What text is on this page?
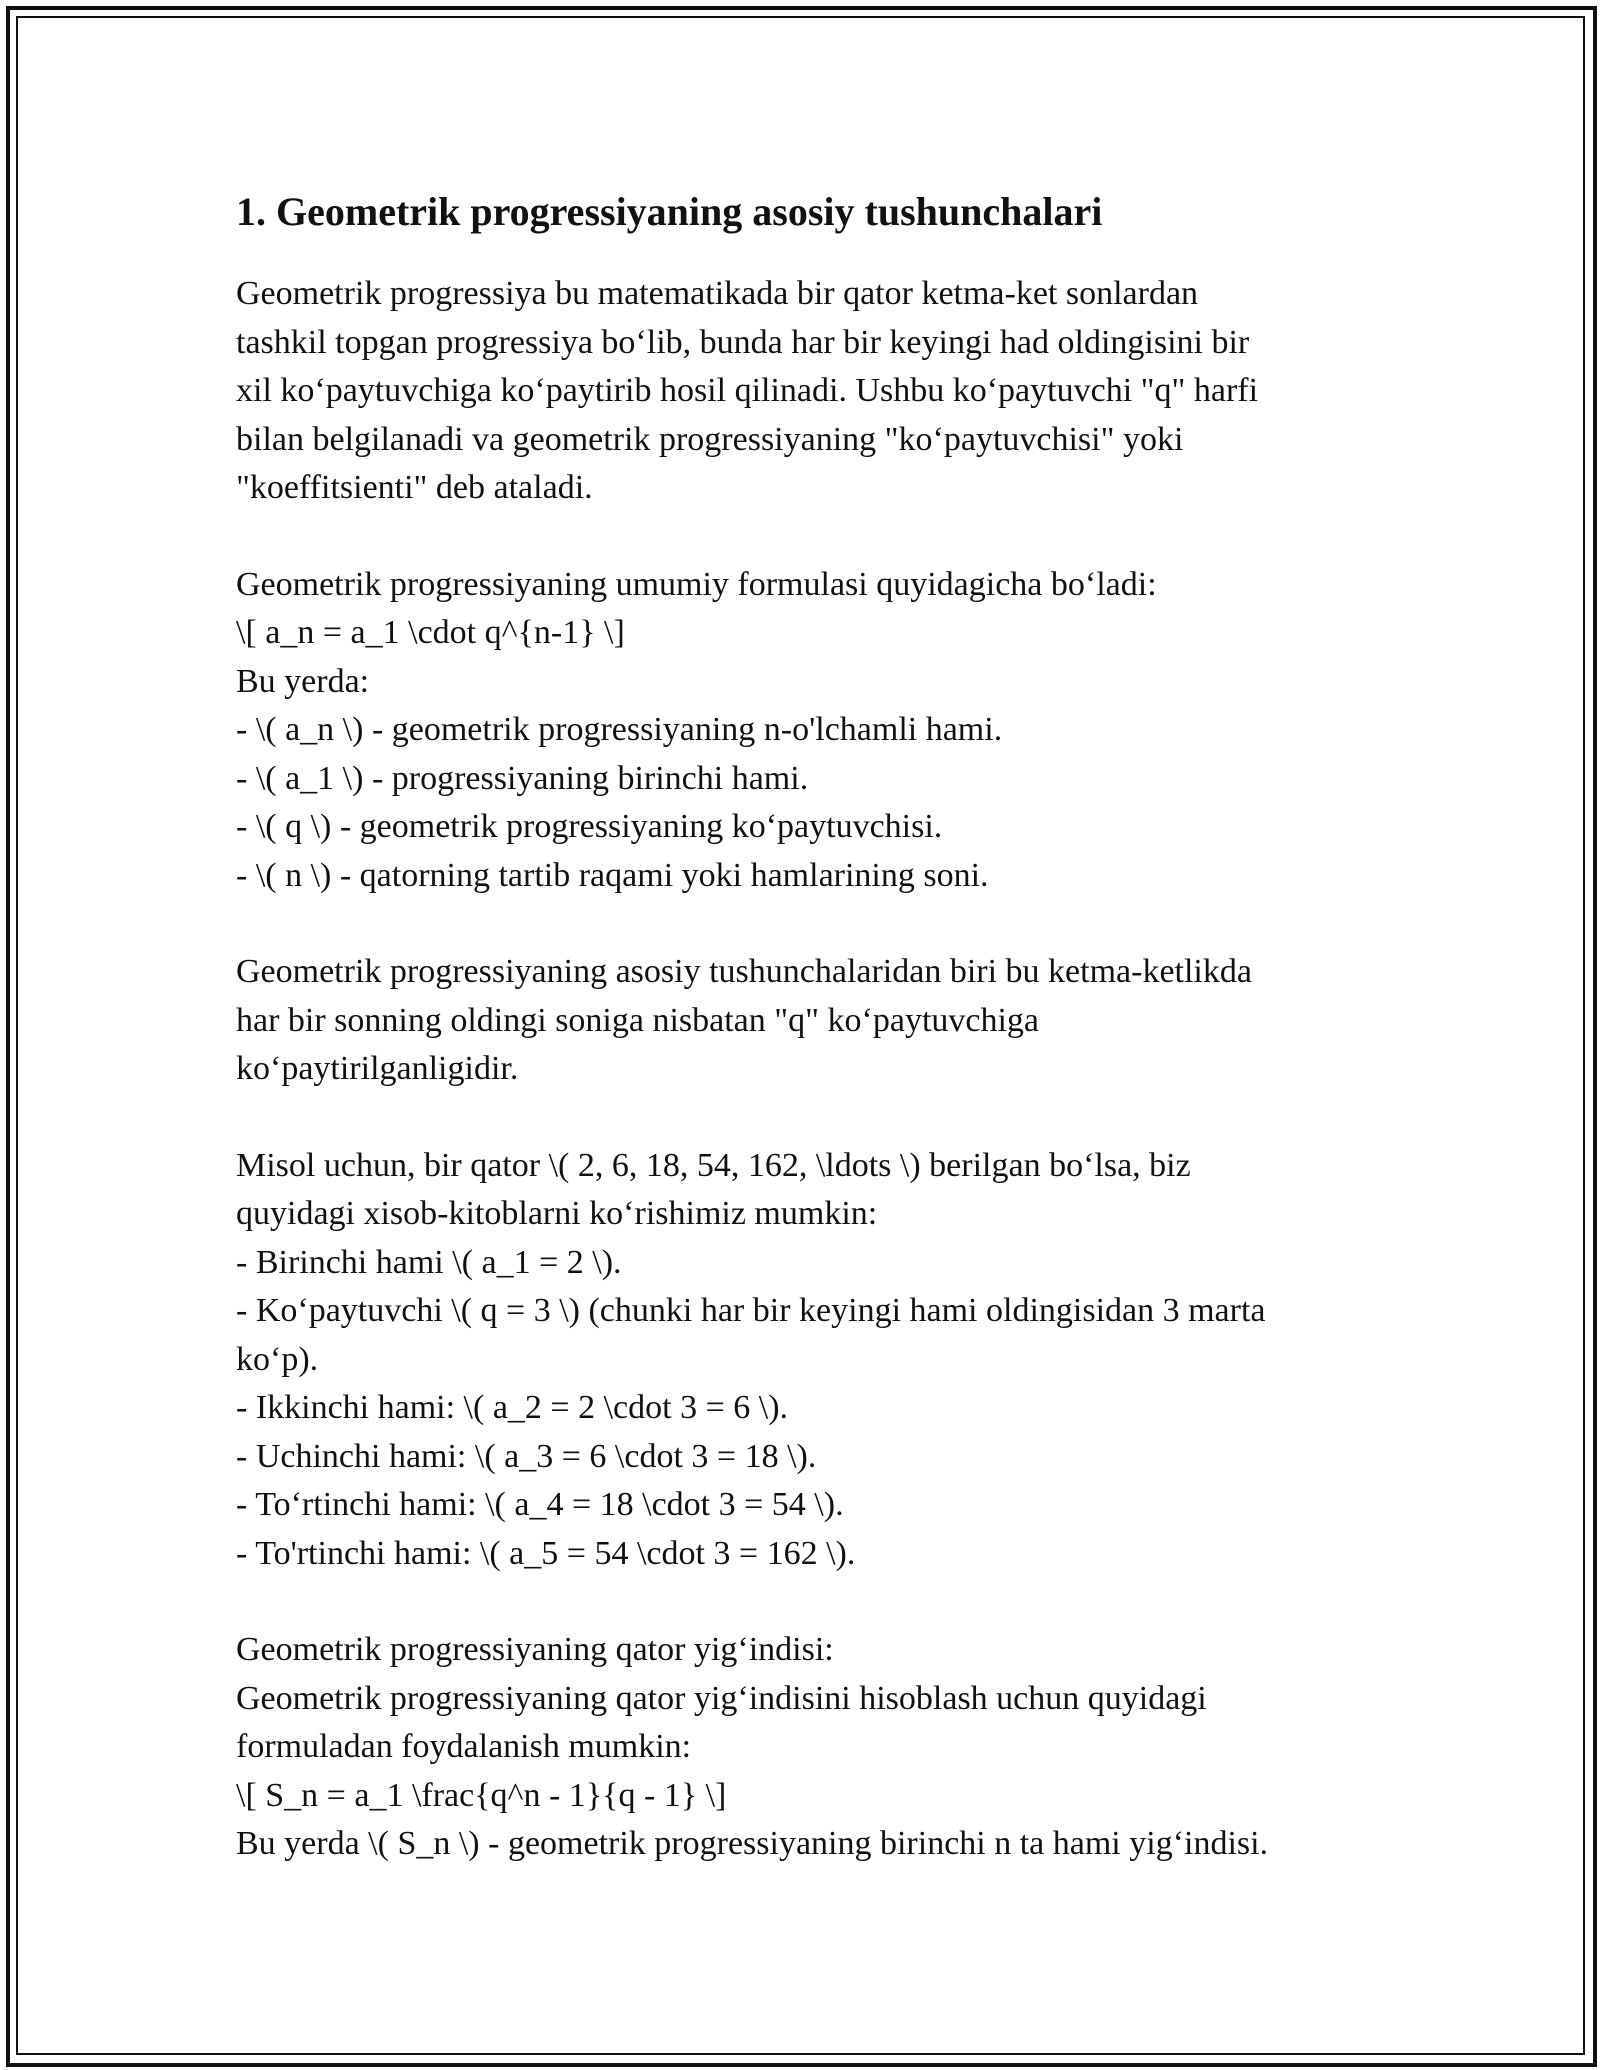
1. Geometrik progressiyaning asosiy tushunchalari
Geometrik progressiya bu matematikada bir qator ketma-ket sonlardan
tashkil topgan progressiya bo‘lib, bunda har bir keyingi had oldingisini bir
xil ko‘paytuvchiga ko‘paytirib hosil qilinadi. Ushbu ko‘paytuvchi "q" harfi
bilan belgilanadi va geometrik progressiyaning "ko‘paytuvchisi" yoki
"koeffitsienti" deb ataladi.
Geometrik progressiyaning umumiy formulasi quyidagicha bo‘ladi:
\[ a_n = a_1 \cdot q^{n-1} \]
Bu yerda:
- \( a_n \) - geometrik progressiyaning n-o'lchamli hami.
- \( a_1 \) - progressiyaning birinchi hami.
- \( q \) - geometrik progressiyaning ko‘paytuvchisi.
- \( n \) - qatorning tartib raqami yoki hamlarining soni.
Geometrik progressiyaning asosiy tushunchalaridan biri bu ketma-ketlikda
har bir sonning oldingi soniga nisbatan "q" ko‘paytuvchiga
ko‘paytirilganligidir.
Misol uchun, bir qator \( 2, 6, 18, 54, 162, \ldots \) berilgan bo‘lsa, biz
quyidagi xisob-kitoblarni ko‘rishimiz mumkin:
- Birinchi hami \( a_1 = 2 \).
- Ko‘paytuvchi \( q = 3 \) (chunki har bir keyingi hami oldingisidan 3 marta
ko‘p).
- Ikkinchi hami: \( a_2 = 2 \cdot 3 = 6 \).
- Uchinchi hami: \( a_3 = 6 \cdot 3 = 18 \).
- To‘rtinchi hami: \( a_4 = 18 \cdot 3 = 54 \).
- To'rtinchi hami: \( a_5 = 54 \cdot 3 = 162 \).
Geometrik progressiyaning qator yig‘indisi:
Geometrik progressiyaning qator yig‘indisini hisoblash uchun quyidagi
formuladan foydalanish mumkin:
\[ S_n = a_1 \frac{q^n - 1}{q - 1} \]
Bu yerda \( S_n \) - geometrik progressiyaning birinchi n ta hami yig‘indisi.
